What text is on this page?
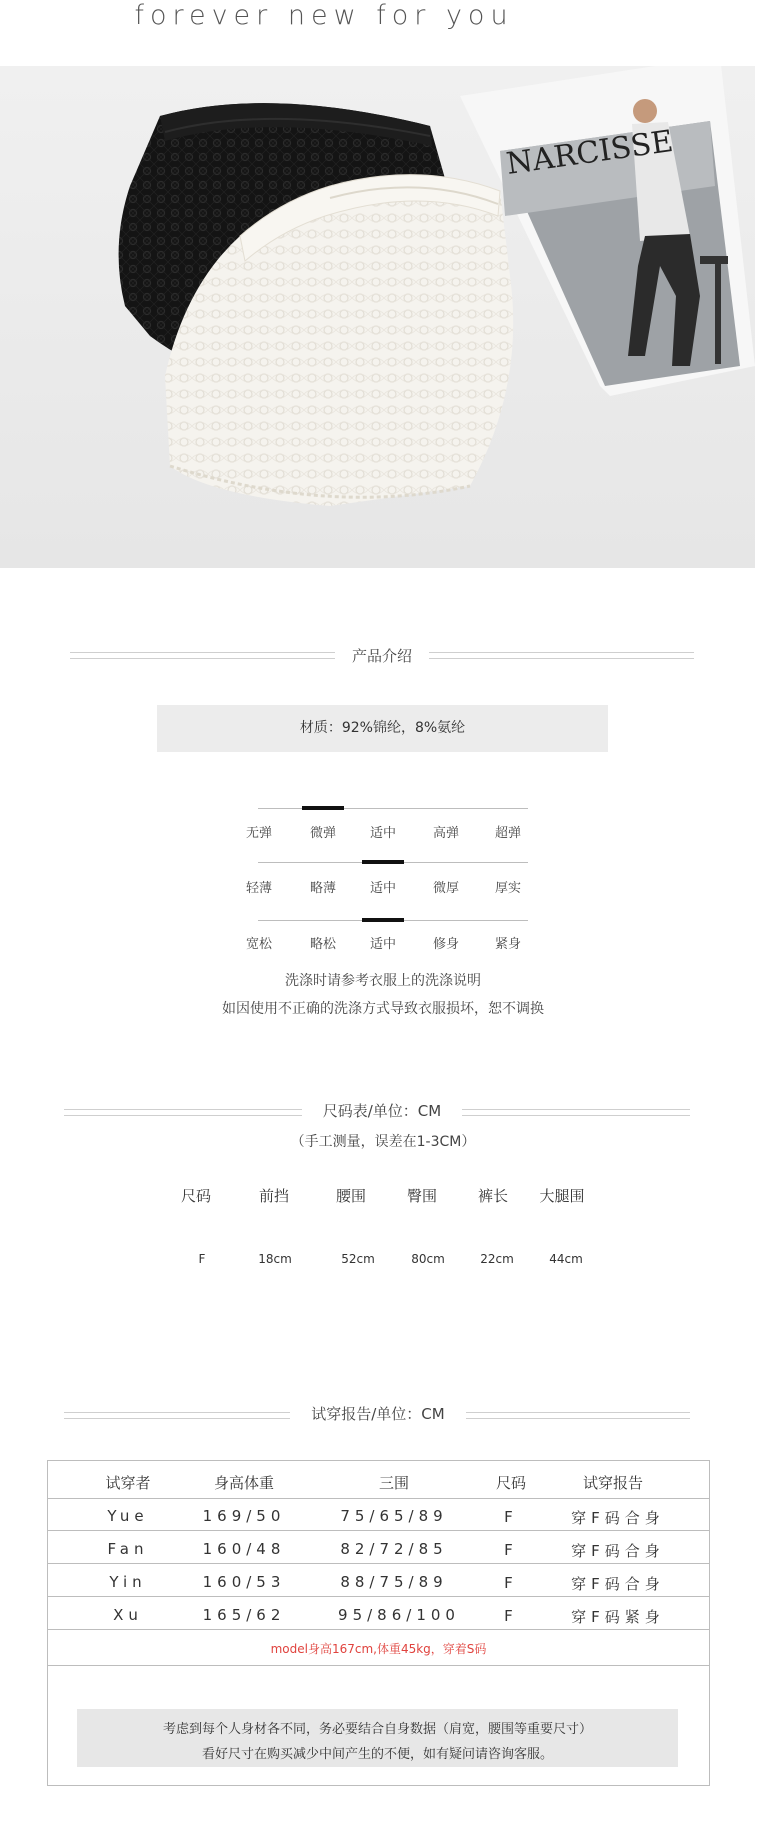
forever new for you
NARCISSE
产品介绍
材质：92%锦纶，8%氨纶
无弹	微弹	适中	高弹	超弹
轻薄	略薄	适中	微厚	厚实
宽松	略松	适中	修身	紧身
洗涤时请参考衣服上的洗涤说明
如因使用不正确的洗涤方式导致衣服损坏，恕不调换
尺码表/单位：CM
（手工测量，误差在1-3CM）
尺码	前挡	腰围	臀围	裤长	大腿围
F	18cm	52cm	80cm	22cm	44cm
试穿报告/单位：CM
试穿者	身高体重	三围	尺码	试穿报告
Yue	169/50	75/65/89	F	穿F码合身
Fan	160/48	82/72/85	F	穿F码合身
Yin	160/53	88/75/89	F	穿F码合身
Xu	165/62	95/86/100	F	穿F码紧身
model身高167cm,体重45kg，穿着S码
考虑到每个人身材各不同，务必要结合自身数据（肩宽，腰围等重要尺寸）
看好尺寸在购买减少中间产生的不便，如有疑问请咨询客服。
